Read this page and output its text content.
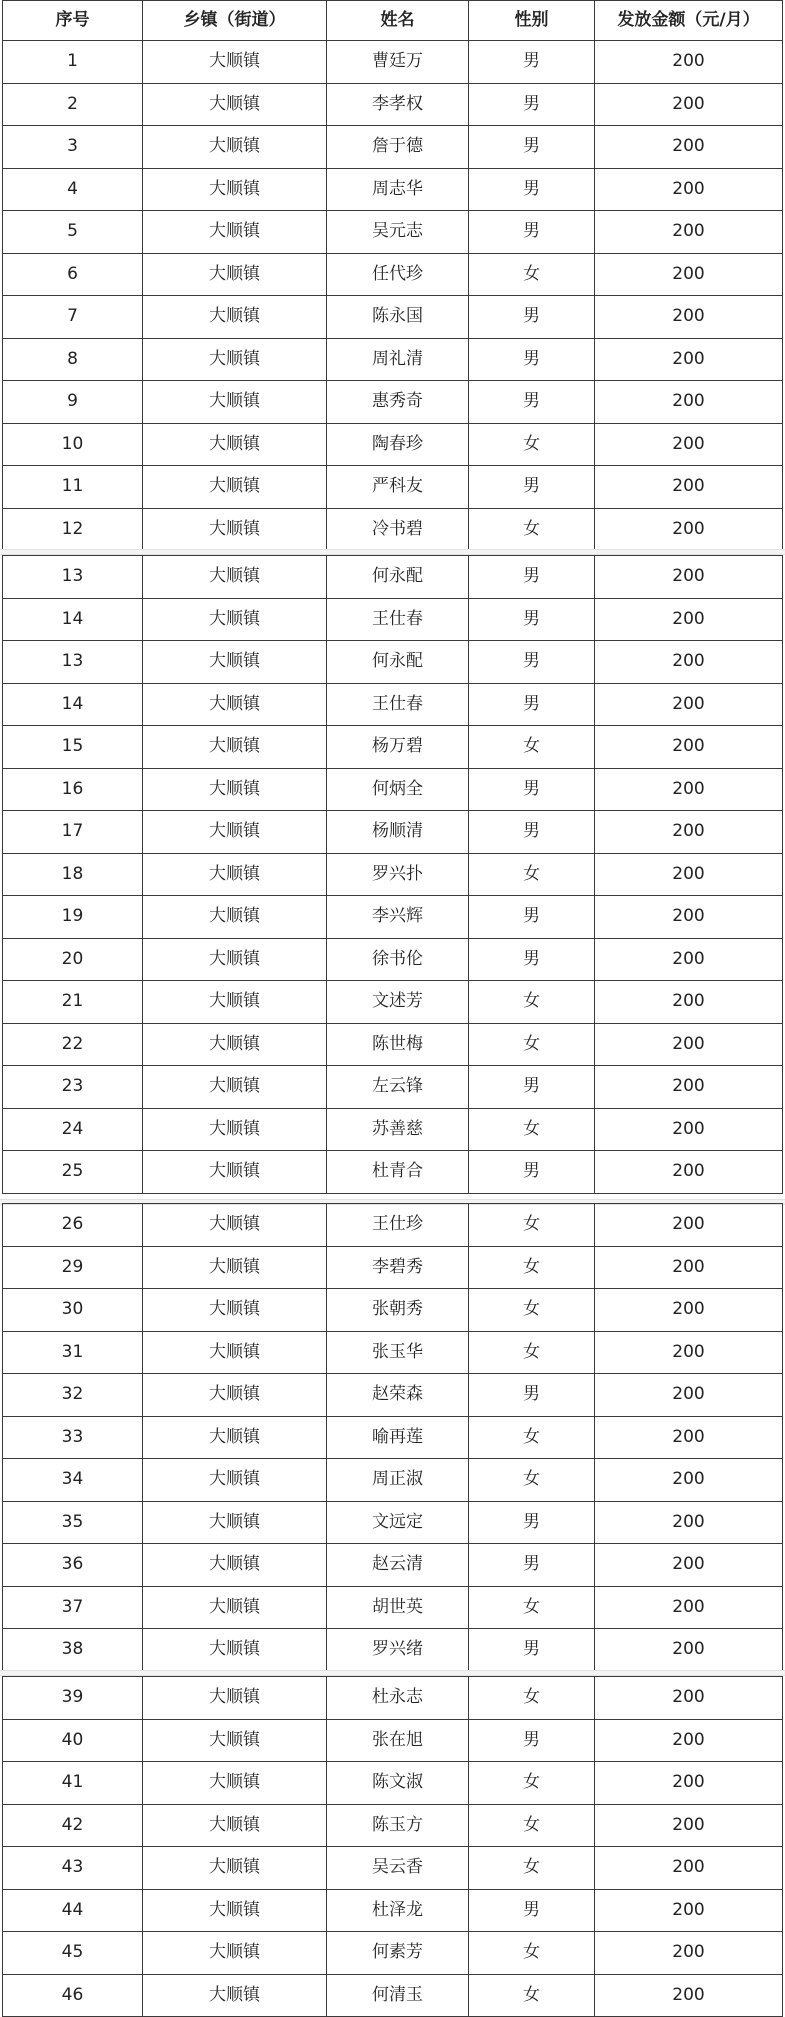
序号	乡镇（街道）	姓名	性别	发放金额（元/月）
1	大顺镇	曹廷万	男	200
2	大顺镇	李孝权	男	200
3	大顺镇	詹于德	男	200
4	大顺镇	周志华	男	200
5	大顺镇	吴元志	男	200
6	大顺镇	任代珍	女	200
7	大顺镇	陈永国	男	200
8	大顺镇	周礼清	男	200
9	大顺镇	惠秀奇	男	200
10	大顺镇	陶春珍	女	200
11	大顺镇	严科友	男	200
12	大顺镇	冷书碧	女	200
13	大顺镇	何永配	男	200
14	大顺镇	王仕春	男	200
13	大顺镇	何永配	男	200
14	大顺镇	王仕春	男	200
15	大顺镇	杨万碧	女	200
16	大顺镇	何炳全	男	200
17	大顺镇	杨顺清	男	200
18	大顺镇	罗兴扑	女	200
19	大顺镇	李兴辉	男	200
20	大顺镇	徐书伦	男	200
21	大顺镇	文述芳	女	200
22	大顺镇	陈世梅	女	200
23	大顺镇	左云锋	男	200
24	大顺镇	苏善慈	女	200
25	大顺镇	杜青合	男	200
26	大顺镇	王仕珍	女	200
29	大顺镇	李碧秀	女	200
30	大顺镇	张朝秀	女	200
31	大顺镇	张玉华	女	200
32	大顺镇	赵荣森	男	200
33	大顺镇	喻再莲	女	200
34	大顺镇	周正淑	女	200
35	大顺镇	文远定	男	200
36	大顺镇	赵云清	男	200
37	大顺镇	胡世英	女	200
38	大顺镇	罗兴绪	男	200
39	大顺镇	杜永志	女	200
40	大顺镇	张在旭	男	200
41	大顺镇	陈文淑	女	200
42	大顺镇	陈玉方	女	200
43	大顺镇	吴云香	女	200
44	大顺镇	杜泽龙	男	200
45	大顺镇	何素芳	女	200
46	大顺镇	何清玉	女	200
